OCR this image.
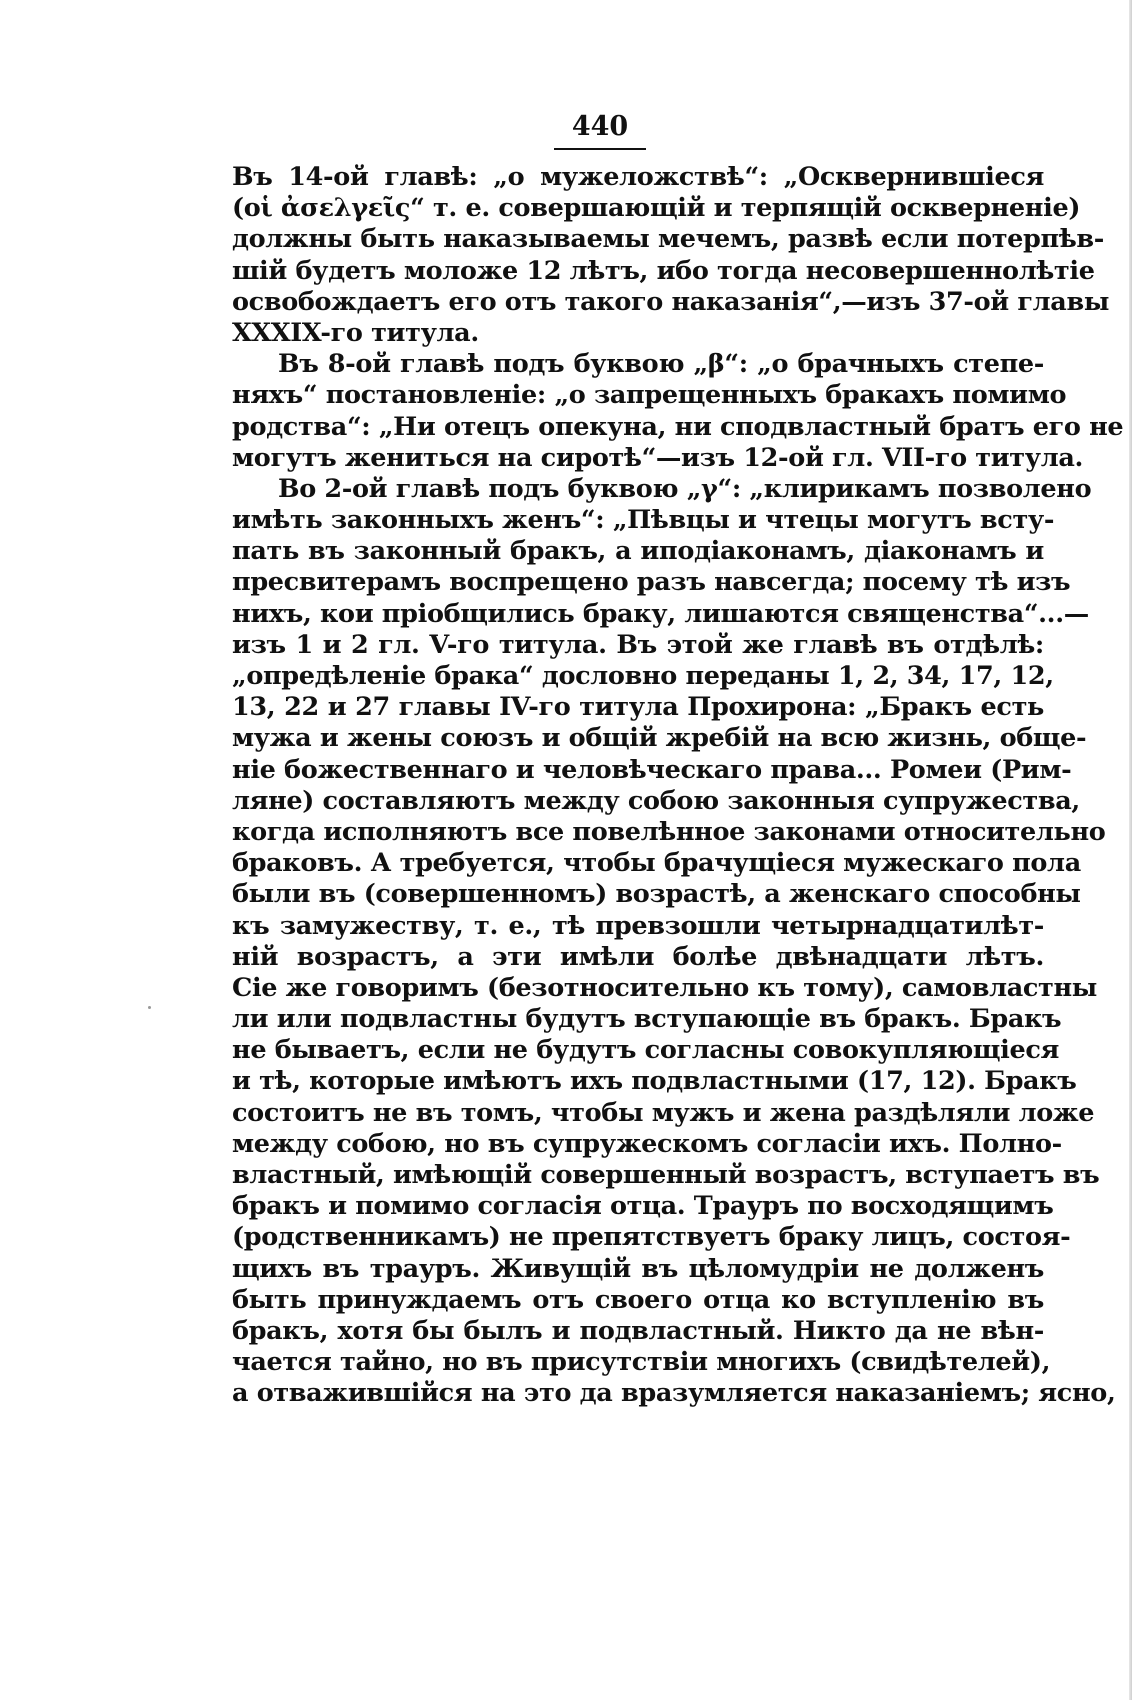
440
Въ 14-ой главѣ: „о мужеложствѣ“: „Осквернившіеся
(οἱ ἀσελγεῖς“ т. е. совершающій и терпящій оскверненіе)
должны быть наказываемы мечемъ, развѣ если потерпѣв-
шій будетъ моложе 12 лѣтъ, ибо тогда несовершеннолѣтіе
освобождаетъ его отъ такого наказанія“,—изъ 37-ой главы
XXXIX-го титула.
Въ 8-ой главѣ подъ буквою „β“: „о брачныхъ степе-
няхъ“ постановленіе: „о запрещенныхъ бракахъ помимо
родства“: „Ни отецъ опекуна, ни сподвластный братъ его не
могутъ жениться на сиротѣ“—изъ 12-ой гл. VII-го титула.
Во 2-ой главѣ подъ буквою „γ“: „клирикамъ позволено
имѣть законныхъ женъ“: „Пѣвцы и чтецы могутъ всту-
пать въ законный бракъ, а иподіаконамъ, діаконамъ и
пресвитерамъ воспрещено разъ навсегда; посему тѣ изъ
нихъ, кои пріобщились браку, лишаются священства“...—
изъ 1 и 2 гл. V-го титула. Въ этой же главѣ въ отдѣлѣ:
„опредѣленіе брака“ дословно переданы 1, 2, 34, 17, 12,
13, 22 и 27 главы IV-го титула Прохирона: „Бракъ есть
мужа и жены союзъ и общій жребій на всю жизнь, обще-
ніе божественнаго и человѣческаго права... Ромеи (Рим-
ляне) составляютъ между собою законныя супружества,
когда исполняютъ все повелѣнное законами относительно
браковъ. А требуется, чтобы брачущіеся мужескаго пола
были въ (совершенномъ) возрастѣ, а женскаго способны
къ замужеству, т. е., тѣ превзошли четырнадцатилѣт-
ній возрастъ, а эти имѣли болѣе двѣнадцати лѣтъ.
Сіе же говоримъ (безотносительно къ тому), самовластны
ли или подвластны будутъ вступающіе въ бракъ. Бракъ
не бываетъ, если не будутъ согласны совокупляющіеся
и тѣ, которые имѣютъ ихъ подвластными (17, 12). Бракъ
состоитъ не въ томъ, чтобы мужъ и жена раздѣляли ложе
между собою, но въ супружескомъ согласіи ихъ. Полно-
властный, имѣющій совершенный возрастъ, вступаетъ въ
бракъ и помимо согласія отца. Трауръ по восходящимъ
(родственникамъ) не препятствуетъ браку лицъ, состоя-
щихъ въ трауръ. Живущій въ цѣломудріи не долженъ
быть принуждаемъ отъ своего отца ко вступленію въ
бракъ, хотя бы былъ и подвластный. Никто да не вѣн-
чается тайно, но въ присутствіи многихъ (свидѣтелей),
а отважившійся на это да вразумляется наказаніемъ; ясно,
